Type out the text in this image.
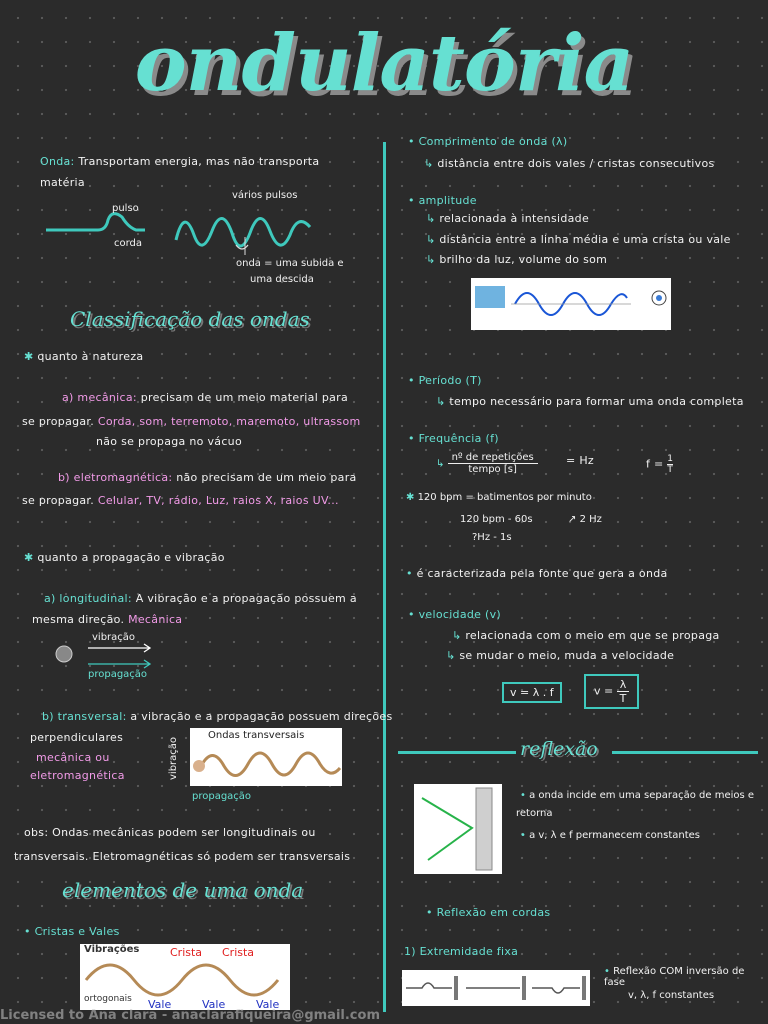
ondulatória
Onda: Transportam energia, mas não transporta
matéria
pulso
corda
vários pulsos
onda = uma subida e
uma descida
Classificação das ondas
✱ quanto à natureza
a) mecânica: precisam de um meio material para
se propagar. Corda, som, terremoto, maremoto, ultrassom
não se propaga no vácuo
b) eletromagnética: não precisam de um meio para
se propagar. Celular, TV, rádio, Luz, raios X, raios UV...
✱ quanto a propagação e vibração
a) longitudinal: A vibração e a propagação possuem a
mesma direção. Mecânica
vibração
propagação
b) transversal: a vibração e a propagação possuem direções
perpendiculares
mecânica ou
eletromagnética
Ondas transversais
vibração
propagação
obs: Ondas mecânicas podem ser longitudinais ou
transversais. Eletromagnéticas só podem ser transversais
elementos de uma onda
• Cristas e Vales
Vibrações
ortogonais
Crista Crista
Vale	Vale	Vale
• Comprimento de onda (λ)
↳ distância entre dois vales / cristas consecutivos
• amplitude
↳ relacionada à intensidade
↳ distância entre a linha média e uma crista ou vale
↳ brilho da luz, volume do som
• Período (T)
↳ tempo necessário para formar uma onda completa
• Frequência (f)
↳
nº de repetições
tempo [s]
= Hz	$f = \frac{1}{T}$
✱ 120 bpm = batimentos por minuto
120 bpm - 60s	↗ 2 Hz
?Hz - 1s
• é caracterizada pela fonte que gera a onda
• velocidade (v)
↳ relacionada com o meio em que se propaga
↳ se mudar o meio, muda a velocidade
v = λ . f	$v = \frac{\lambda}{T}$
reflexão
• a onda incide em uma separação de meios e
retorna
• a v, λ e f permanecem constantes
• Reflexão em cordas
1) Extremidade fixa
• Reflexão COM inversão de fase
v, λ, f constantes
Licensed to Ana clara - anaclarafiqueira@gmail.com
